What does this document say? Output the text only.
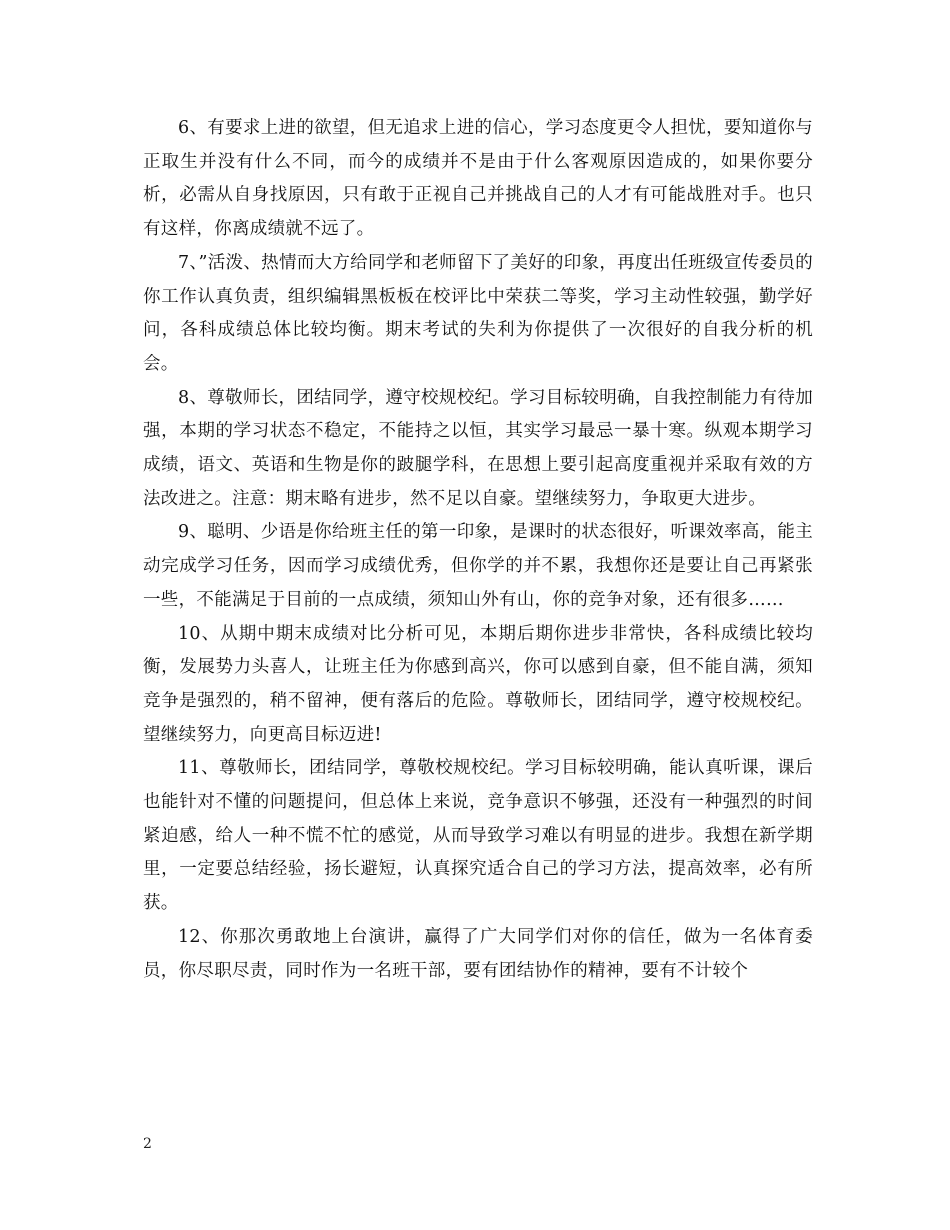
6、有要求上进的欲望，但无追求上进的信心，学习态度更令人担忧，要知道你与正取生并没有什么不同，而今的成绩并不是由于什么客观原因造成的，如果你要分析，必需从自身找原因，只有敢于正视自己并挑战自己的人才有可能战胜对手。也只有这样，你离成绩就不远了。

7、”活泼、热情而大方给同学和老师留下了美好的印象，再度出任班级宣传委员的你工作认真负责，组织编辑黑板板在校评比中荣获二等奖，学习主动性较强，勤学好问，各科成绩总体比较均衡。期末考试的失利为你提供了一次很好的自我分析的机会。

8、尊敬师长，团结同学，遵守校规校纪。学习目标较明确，自我控制能力有待加强，本期的学习状态不稳定，不能持之以恒，其实学习最忌一暴十寒。纵观本期学习成绩，语文、英语和生物是你的跛腿学科，在思想上要引起高度重视并采取有效的方法改进之。注意：期末略有进步，然不足以自豪。望继续努力，争取更大进步。

9、聪明、少语是你给班主任的第一印象，是课时的状态很好，听课效率高，能主动完成学习任务，因而学习成绩优秀，但你学的并不累，我想你还是要让自己再紧张一些，不能满足于目前的一点成绩，须知山外有山，你的竞争对象，还有很多……

10、从期中期末成绩对比分析可见，本期后期你进步非常快，各科成绩比较均衡，发展势力头喜人，让班主任为你感到高兴，你可以感到自豪，但不能自满，须知竞争是强烈的，稍不留神，便有落后的危险。尊敬师长，团结同学，遵守校规校纪。望继续努力，向更高目标迈进!

11、尊敬师长，团结同学，尊敬校规校纪。学习目标较明确，能认真听课，课后也能针对不懂的问题提问，但总体上来说，竞争意识不够强，还没有一种强烈的时间紧迫感，给人一种不慌不忙的感觉，从而导致学习难以有明显的进步。我想在新学期里，一定要总结经验，扬长避短，认真探究适合自己的学习方法，提高效率，必有所获。

12、你那次勇敢地上台演讲，赢得了广大同学们对你的信任，做为一名体育委员，你尽职尽责，同时作为一名班干部，要有团结协作的精神，要有不计较个

2
